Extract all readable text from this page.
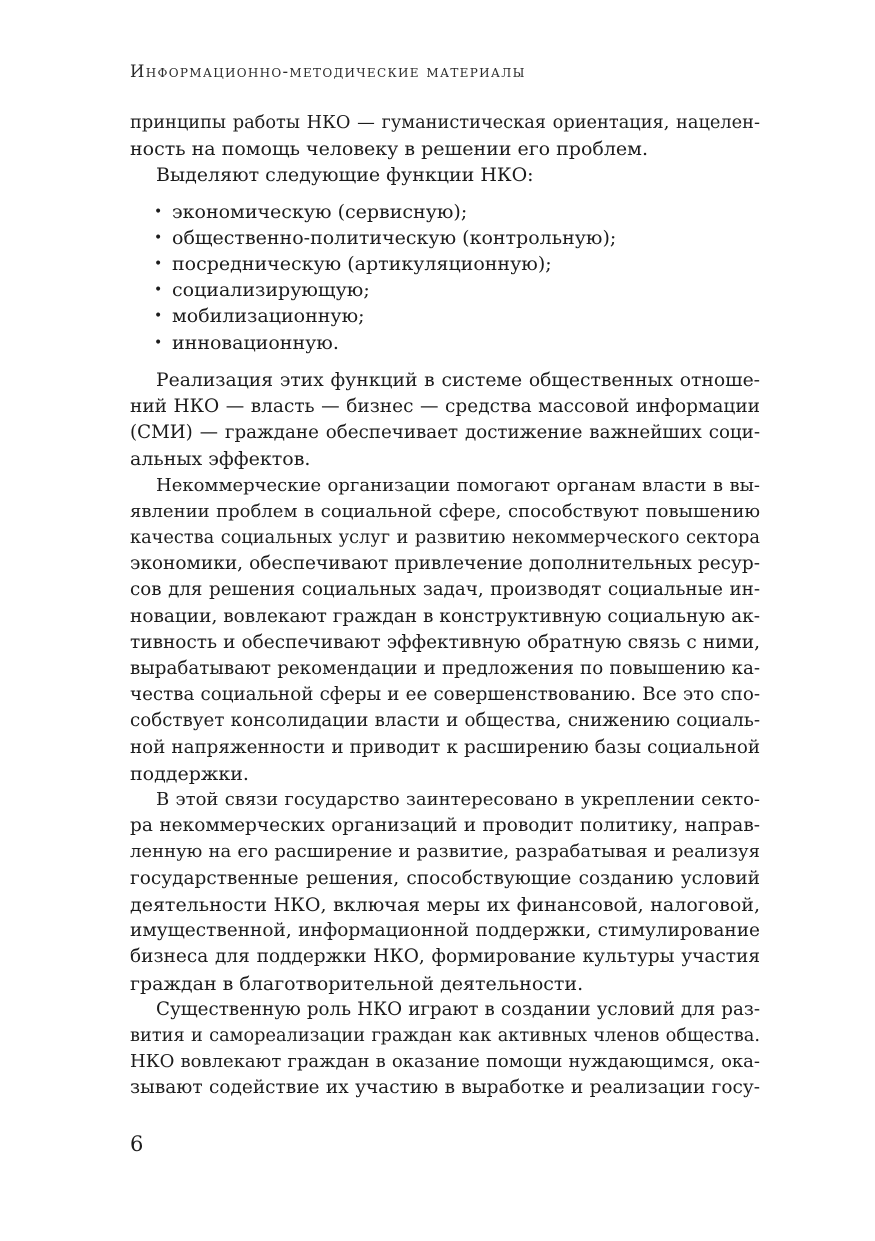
Информационно-методические материалы
принципы работы НКО — гуманистическая ориентация, нацелен-
ность на помощь человеку в решении его проблем.
Выделяют следующие функции НКО:
• экономическую (сервисную);
• общественно-политическую (контрольную);
• посредническую (артикуляционную);
• социализирующую;
• мобилизационную;
• инновационную.
Реализация этих функций в системе общественных отноше-
ний НКО — власть — бизнес — средства массовой информации
(СМИ) — граждане обеспечивает достижение важнейших соци-
альных эффектов.
Некоммерческие организации помогают органам власти в вы-
явлении проблем в социальной сфере, способствуют повышению
качества социальных услуг и развитию некоммерческого сектора
экономики, обеспечивают привлечение дополнительных ресур-
сов для решения социальных задач, производят социальные ин-
новации, вовлекают граждан в конструктивную социальную ак-
тивность и обеспечивают эффективную обратную связь с ними,
вырабатывают рекомендации и предложения по повышению ка-
чества социальной сферы и ее совершенствованию. Все это спо-
собствует консолидации власти и общества, снижению социаль-
ной напряженности и приводит к расширению базы социальной
поддержки.
В этой связи государство заинтересовано в укреплении секто-
ра некоммерческих организаций и проводит политику, направ-
ленную на его расширение и развитие, разрабатывая и реализуя
государственные решения, способствующие созданию условий
деятельности НКО, включая меры их финансовой, налоговой,
имущественной, информационной поддержки, стимулирование
бизнеса для поддержки НКО, формирование культуры участия
граждан в благотворительной деятельности.
Существенную роль НКО играют в создании условий для раз-
вития и самореализации граждан как активных членов общества.
НКО вовлекают граждан в оказание помощи нуждающимся, ока-
зывают содействие их участию в выработке и реализации госу-
6
